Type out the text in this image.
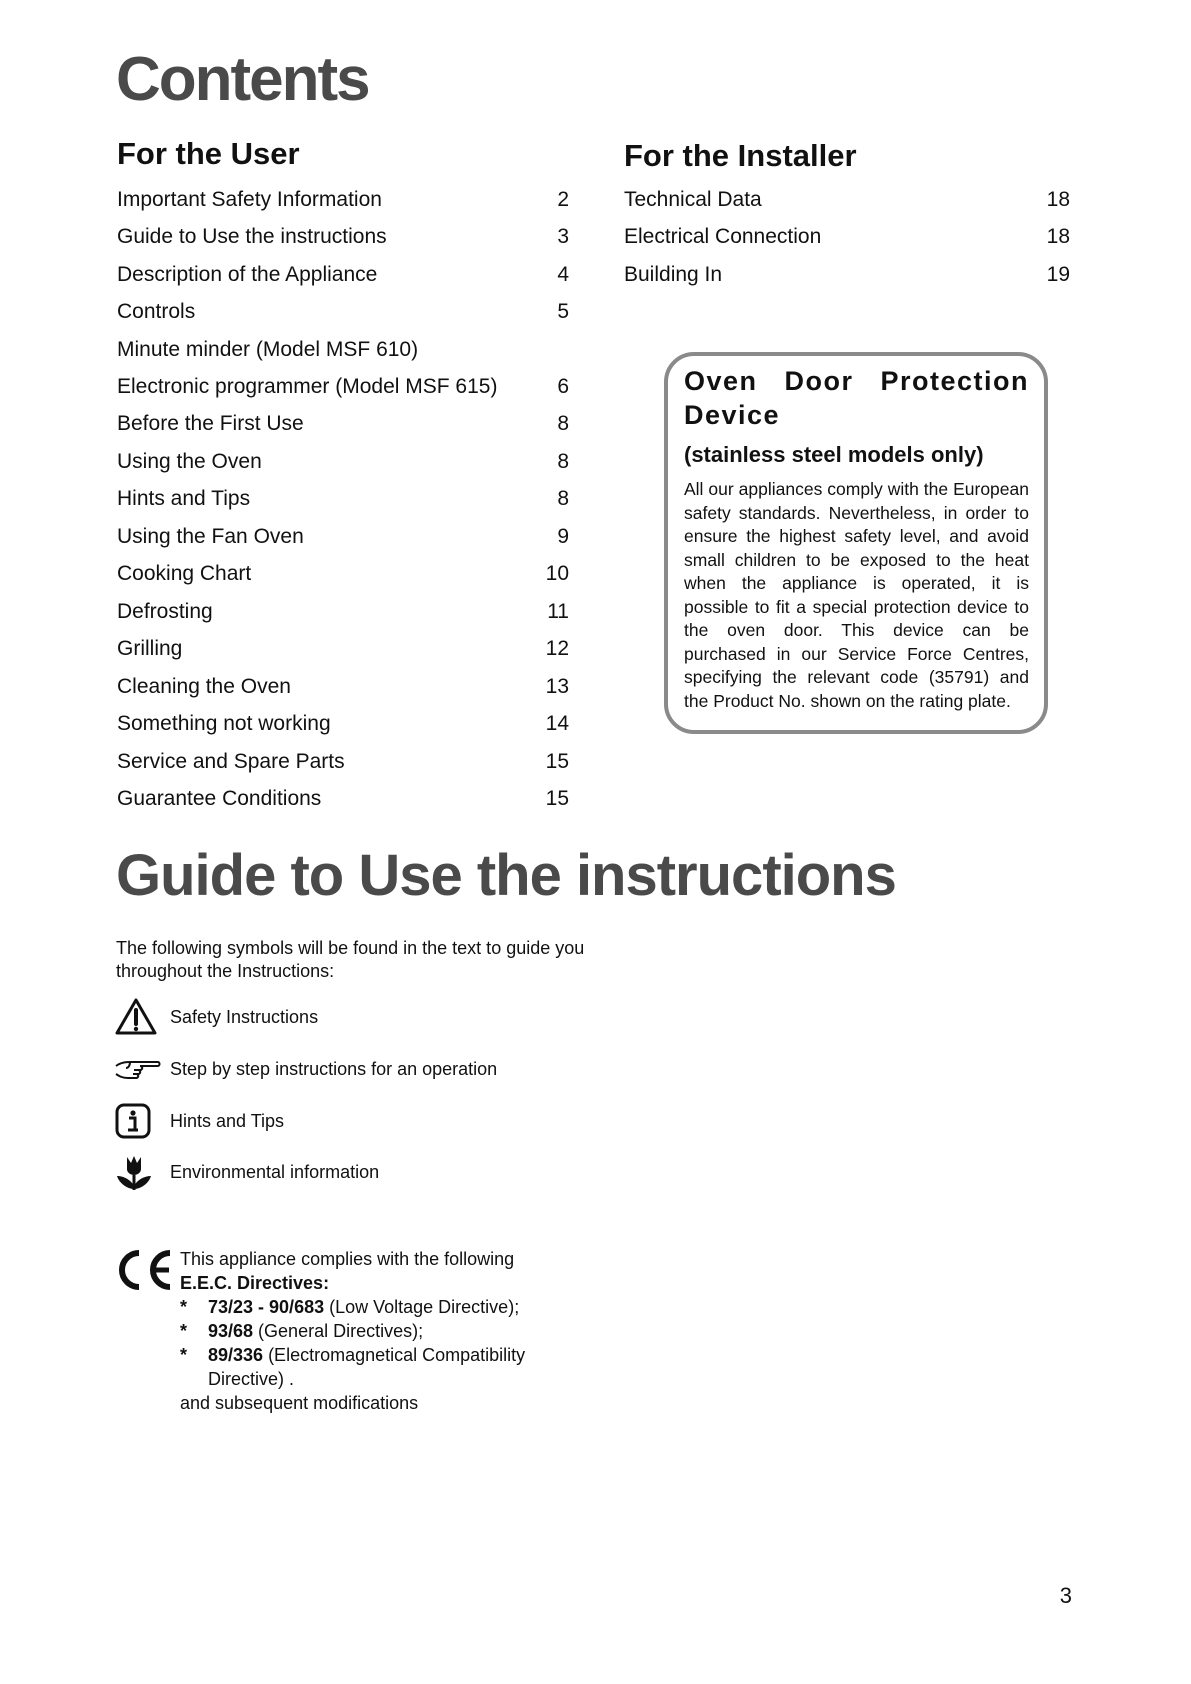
Contents
For the User
Important Safety Information	2
Guide to Use the instructions	3
Description of the Appliance	4
Controls	5
Minute minder (Model MSF 610)
Electronic programmer (Model MSF 615)	6
Before the First Use	8
Using the Oven	8
Hints and Tips	8
Using the Fan Oven	9
Cooking Chart	10
Defrosting	11
Grilling	12
Cleaning the Oven	13
Something not working	14
Service and Spare Parts	15
Guarantee Conditions	15
For the Installer
Technical Data	18
Electrical Connection	18
Building In	19
Oven Door Protection Device

(stainless steel models only)

All our appliances comply with the European safety standards. Nevertheless, in order to ensure the highest safety level, and avoid small children to be exposed to the heat when the appliance is operated, it is possible to fit a special protection device to the oven door. This device can be purchased in our Service Force Centres, specifying the relevant code (35791) and the Product No. shown on the rating plate.

Guide to Use the instructions

The following symbols will be found in the text to guide you throughout the Instructions:

Safety Instructions
Step by step instructions for an operation
Hints and Tips
Environmental information

This appliance complies with the following

E.E.C. Directives:

*	73/23 - 90/683 (Low Voltage Directive);
*	93/68 (General Directives);
*	89/336 (Electromagnetical Compatibility Directive) .

and subsequent modifications

3
